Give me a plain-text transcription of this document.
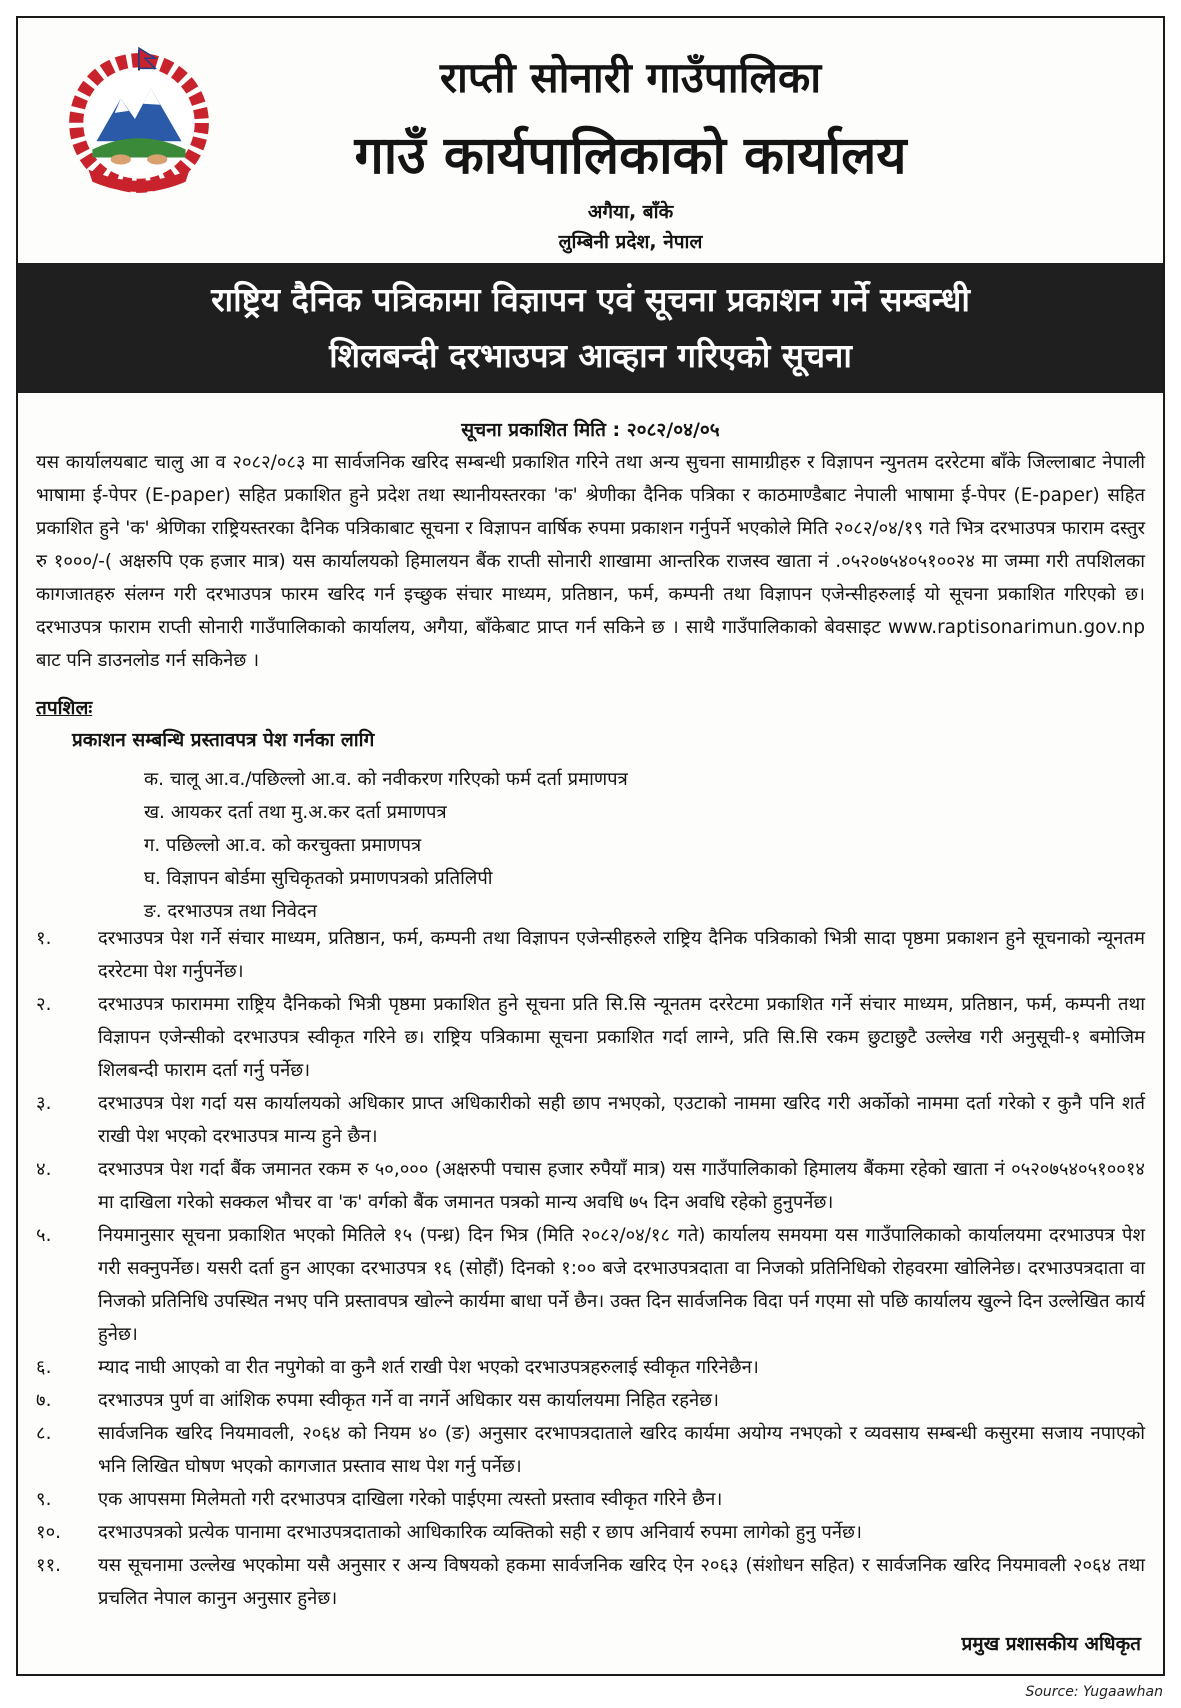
राप्ती सोनारी गाउँपालिका
गाउँ कार्यपालिकाको कार्यालय
अगैया, बाँके
लुम्बिनी प्रदेश, नेपाल
राष्ट्रिय दैनिक पत्रिकामा विज्ञापन एवं सूचना प्रकाशन गर्ने सम्बन्धी
शिलबन्दी दरभाउपत्र आव्हान गरिएको सूचना
सूचना प्रकाशित मिति : २०८२/०४/०५
यस कार्यालयबाट चालु आ व २०८२/०८३ मा सार्वजनिक खरिद सम्बन्धी प्रकाशित गरिने तथा अन्य सुचना सामाग्रीहरु र विज्ञापन न्युनतम दररेटमा बाँके जिल्लाबाट नेपाली भाषामा ई-पेपर (E-paper) सहित प्रकाशित हुने प्रदेश तथा स्थानीयस्तरका 'क' श्रेणीका दैनिक पत्रिका र काठमाण्डैबाट नेपाली भाषामा ई-पेपर (E-paper) सहित प्रकाशित हुने 'क' श्रेणिका राष्ट्रियस्तरका दैनिक पत्रिकाबाट सूचना र विज्ञापन वार्षिक रुपमा प्रकाशन गर्नुपर्ने भएकोले मिति २०८२/०४/१९ गते भित्र दरभाउपत्र फाराम दस्तुर रु १०००/-( अक्षरुपि एक हजार मात्र) यस कार्यालयको हिमालयन बैंक राप्ती सोनारी शाखामा आन्तरिक राजस्व खाता नं .०५२०७५४०५१००२४ मा जम्मा गरी तपशिलका कागजातहरु संलग्न गरी दरभाउपत्र फारम खरिद गर्न इच्छुक संचार माध्यम, प्रतिष्ठान, फर्म, कम्पनी तथा विज्ञापन एजेन्सीहरुलाई यो सूचना प्रकाशित गरिएको छ। दरभाउपत्र फाराम राप्ती सोनारी गाउँपालिकाको कार्यालय, अगैया, बाँकेबाट प्राप्त गर्न सकिने छ । साथै गाउँपालिकाको बेवसाइट www.raptisonarimun.gov.np बाट पनि डाउनलोड गर्न सकिनेछ ।
तपशिलः
प्रकाशन सम्बन्धि प्रस्तावपत्र पेश गर्नका लागि
क. चालू आ.व./पछिल्लो आ.व. को नवीकरण गरिएको फर्म दर्ता प्रमाणपत्र
ख. आयकर दर्ता तथा मु.अ.कर दर्ता प्रमाणपत्र
ग. पछिल्लो आ.व. को करचुक्ता प्रमाणपत्र
घ. विज्ञापन बोर्डमा सुचिकृतको प्रमाणपत्रको प्रतिलिपी
ङ. दरभाउपत्र तथा निवेदन
१.	दरभाउपत्र पेश गर्ने संचार माध्यम, प्रतिष्ठान, फर्म, कम्पनी तथा विज्ञापन एजेन्सीहरुले राष्ट्रिय दैनिक पत्रिकाको भित्री सादा पृष्ठमा प्रकाशन हुने सूचनाको न्यूनतम दररेटमा पेश गर्नुपर्नेछ।
२.	दरभाउपत्र फाराममा राष्ट्रिय दैनिकको भित्री पृष्ठमा प्रकाशित हुने सूचना प्रति सि.सि न्यूनतम दररेटमा प्रकाशित गर्ने संचार माध्यम, प्रतिष्ठान, फर्म, कम्पनी तथा विज्ञापन एजेन्सीको दरभाउपत्र स्वीकृत गरिने छ। राष्ट्रिय पत्रिकामा सूचना प्रकाशित गर्दा लाग्ने, प्रति सि.सि रकम छुटाछुटै उल्लेख गरी अनुसूची-१ बमोजिम शिलबन्दी फाराम दर्ता गर्नु पर्नेछ।
३.	दरभाउपत्र पेश गर्दा यस कार्यालयको अधिकार प्राप्त अधिकारीको सही छाप नभएको, एउटाको नाममा खरिद गरी अर्कोको नाममा दर्ता गरेको र कुनै पनि शर्त राखी पेश भएको दरभाउपत्र मान्य हुने छैन।
४.	दरभाउपत्र पेश गर्दा बैंक जमानत रकम रु ५०,००० (अक्षरुपी पचास हजार रुपैयाँ मात्र) यस गाउँपालिकाको हिमालय बैंकमा रहेको खाता नं ०५२०७५४०५१००१४ मा दाखिला गरेको सक्कल भौचर वा 'क' वर्गको बैंक जमानत पत्रको मान्य अवधि ७५ दिन अवधि रहेको हुनुपर्नेछ।
५.	नियमानुसार सूचना प्रकाशित भएको मितिले १५ (पन्ध्र) दिन भित्र (मिति २०८२/०४/१८ गते) कार्यालय समयमा यस गाउँपालिकाको कार्यालयमा दरभाउपत्र पेश गरी सक्नुपर्नेछ। यसरी दर्ता हुन आएका दरभाउपत्र १६ (सोहौं) दिनको १:०० बजे दरभाउपत्रदाता वा निजको प्रतिनिधिको रोहवरमा खोलिनेछ। दरभाउपत्रदाता वा निजको प्रतिनिधि उपस्थित नभए पनि प्रस्तावपत्र खोल्ने कार्यमा बाधा पर्ने छैन। उक्त दिन सार्वजनिक विदा पर्न गएमा सो पछि कार्यालय खुल्ने दिन उल्लेखित कार्य हुनेछ।
६.	म्याद नाघी आएको वा रीत नपुगेको वा कुनै शर्त राखी पेश भएको दरभाउपत्रहरुलाई स्वीकृत गरिनेछैन।
७.	दरभाउपत्र पुर्ण वा आंशिक रुपमा स्वीकृत गर्ने वा नगर्ने अधिकार यस कार्यालयमा निहित रहनेछ।
८.	सार्वजनिक खरिद नियमावली, २०६४ को नियम ४० (ङ) अनुसार दरभापत्रदाताले खरिद कार्यमा अयोग्य नभएको र व्यवसाय सम्बन्धी कसुरमा सजाय नपाएको भनि लिखित घोषण भएको कागजात प्रस्ताव साथ पेश गर्नु पर्नेछ।
९.	एक आपसमा मिलेमतो गरी दरभाउपत्र दाखिला गरेको पाईएमा त्यस्तो प्रस्ताव स्वीकृत गरिने छैन।
१०.	दरभाउपत्रको प्रत्येक पानामा दरभाउपत्रदाताको आधिकारिक व्यक्तिको सही र छाप अनिवार्य रुपमा लागेको हुनु पर्नेछ।
११.	यस सूचनामा उल्लेख भएकोमा यसै अनुसार र अन्य विषयको हकमा सार्वजनिक खरिद ऐन २०६३ (संशोधन सहित) र सार्वजनिक खरिद नियमावली २०६४ तथा प्रचलित नेपाल कानुन अनुसार हुनेछ।
प्रमुख प्रशासकीय अधिकृत
Source: Yugaawhan
